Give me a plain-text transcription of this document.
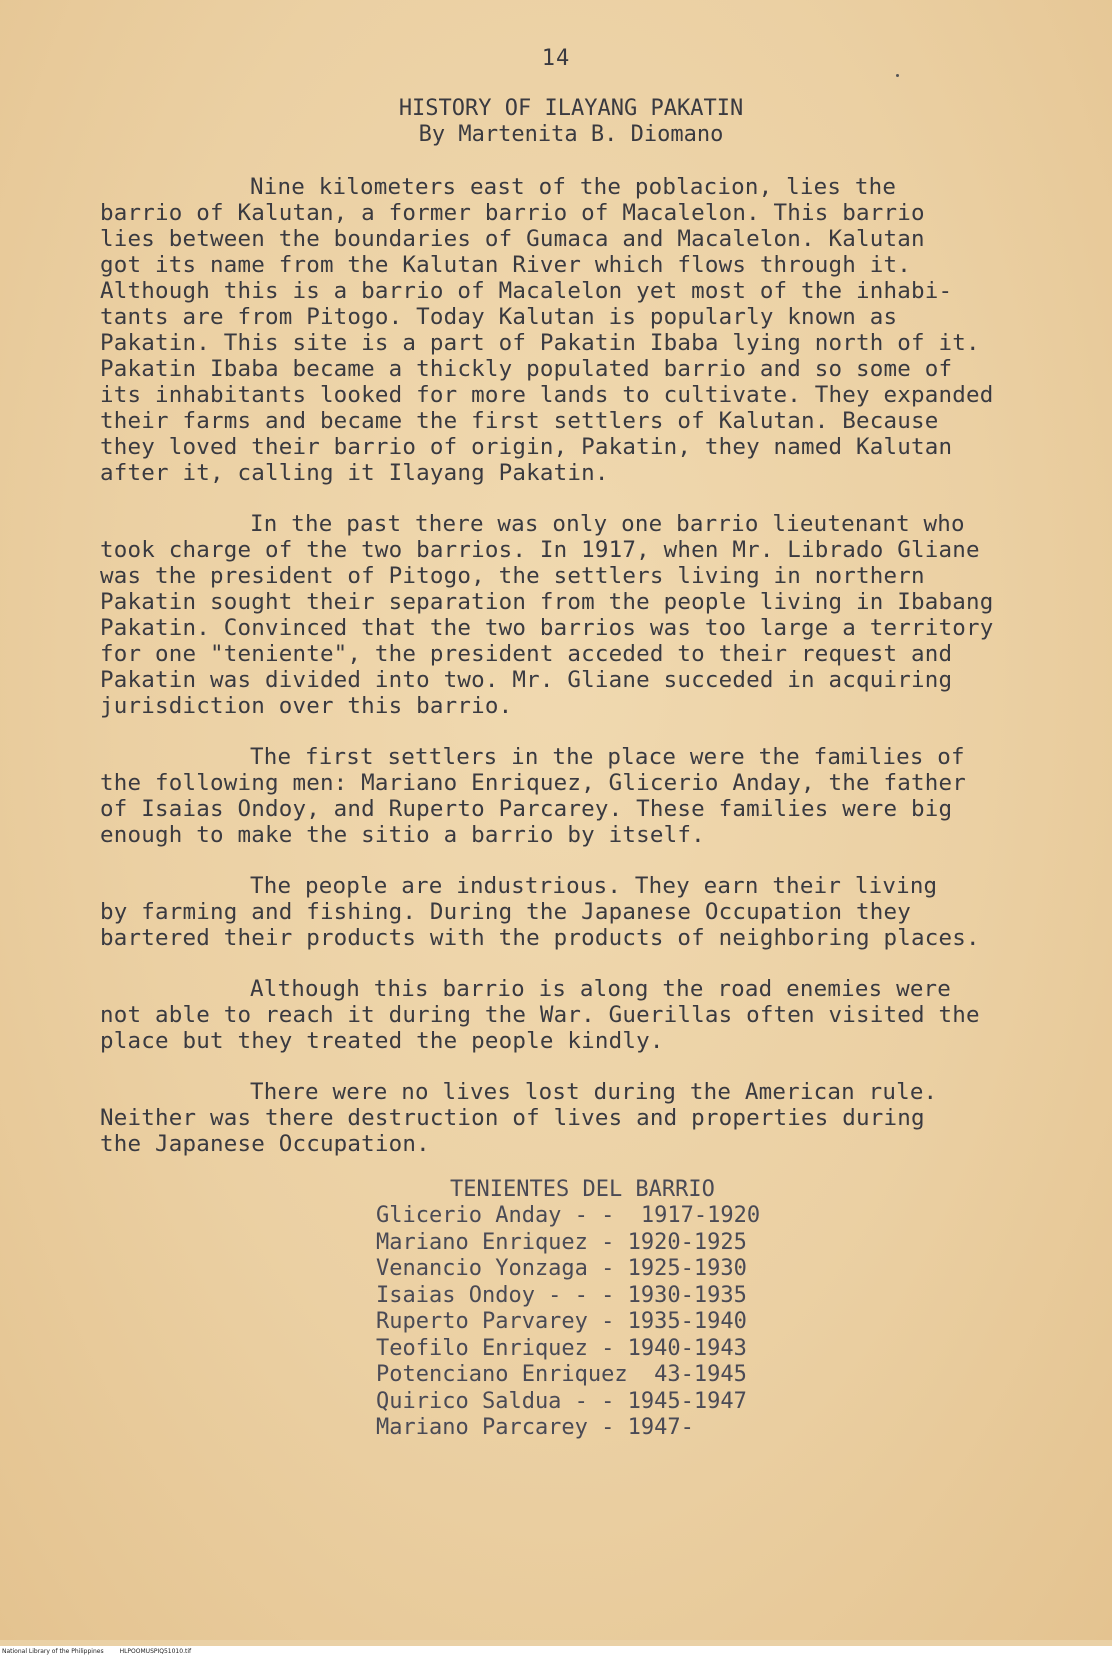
14
HISTORY OF ILAYANG PAKATIN
By Martenita B. Diomano
Nine kilometers east of the poblacion, lies the
barrio of Kalutan, a former barrio of Macalelon. This barrio
lies between the boundaries of Gumaca and Macalelon. Kalutan
got its name from the Kalutan River which flows through it.
Although this is a barrio of Macalelon yet most of the inhabi-
tants are from Pitogo. Today Kalutan is popularly known as
Pakatin. This site is a part of Pakatin Ibaba lying north of it.
Pakatin Ibaba became a thickly populated barrio and so some of
its inhabitants looked for more lands to cultivate. They expanded
their farms and became the first settlers of Kalutan. Because
they loved their barrio of origin, Pakatin, they named Kalutan
after it, calling it Ilayang Pakatin.
In the past there was only one barrio lieutenant who
took charge of the two barrios. In 1917, when Mr. Librado Gliane
was the president of Pitogo, the settlers living in northern
Pakatin sought their separation from the people living in Ibabang
Pakatin. Convinced that the two barrios was too large a territory
for one "teniente", the president acceded to their request and
Pakatin was divided into two. Mr. Gliane succeded in acquiring
jurisdiction over this barrio.
The first settlers in the place were the families of
the following men: Mariano Enriquez, Glicerio Anday, the father
of Isaias Ondoy, and Ruperto Parcarey. These families were big
enough to make the sitio a barrio by itself.
The people are industrious. They earn their living
by farming and fishing. During the Japanese Occupation they
bartered their products with the products of neighboring places.
Although this barrio is along the road enemies were
not able to reach it during the War. Guerillas often visited the
place but they treated the people kindly.
There were no lives lost during the American rule.
Neither was there destruction of lives and properties during
the Japanese Occupation.
TENIENTES DEL BARRIO
Glicerio Anday - -  1917-1920
Mariano Enriquez - 1920-1925
Venancio Yonzaga - 1925-1930
Isaias Ondoy - - - 1930-1935
Ruperto Parvarey - 1935-1940
Teofilo Enriquez - 1940-1943
Potenciano Enriquez  43-1945
Quirico Saldua - - 1945-1947
Mariano Parcarey - 1947-
National Library of the Philippines	HLPOOMUSPIQ51010.tif
